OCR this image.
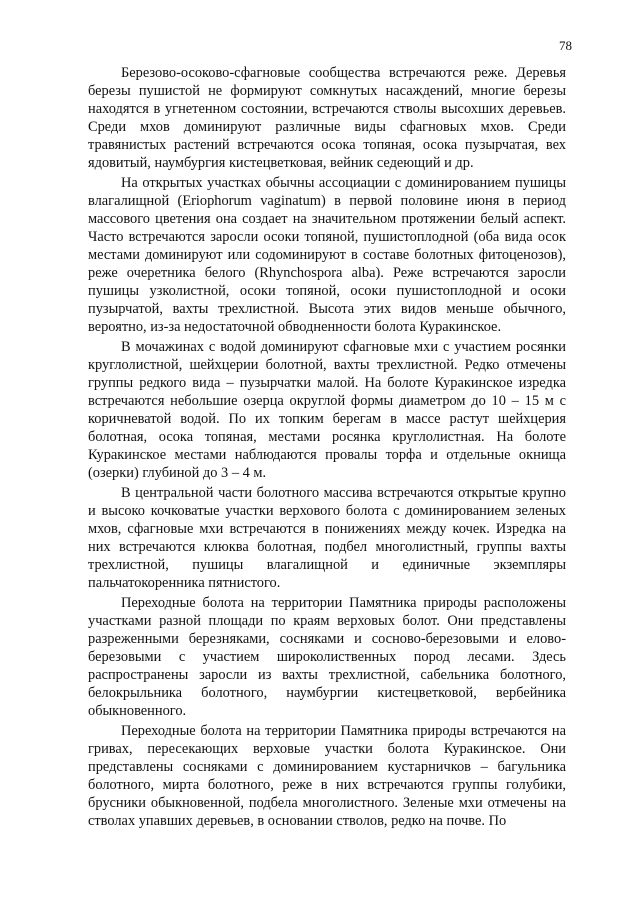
78

Березово-осоково-сфагновые сообщества встречаются реже. Деревья березы пушистой не формируют сомкнутых насаждений, многие березы находятся в угнетенном состоянии, встречаются стволы высохших деревьев. Среди мхов доминируют различные виды сфагновых мхов. Среди травянистых растений встречаются осока топяная, осока пузырчатая, вех ядовитый, наумбургия кистецветковая, вейник седеющий и др.

На открытых участках обычны ассоциации с доминированием пушицы влагалищной (Eriophorum vaginatum) в первой половине июня в период массового цветения она создает на значительном протяжении белый аспект. Часто встречаются заросли осоки топяной, пушистоплодной (оба вида осок местами доминируют или содоминируют в составе болотных фитоценозов), реже очеретника белого (Rhynchospora alba). Реже встречаются заросли пушицы узколистной, осоки топяной, осоки пушистоплодной и осоки пузырчатой, вахты трехлистной. Высота этих видов меньше обычного, вероятно, из-за недостаточной обводненности болота Куракинское.

В мочажинах с водой доминируют сфагновые мхи с участием росянки круглолистной, шейхцерии болотной, вахты трехлистной. Редко отмечены группы редкого вида – пузырчатки малой. На болоте Куракинское изредка встречаются небольшие озерца округлой формы диаметром до 10 – 15 м с коричневатой водой. По их топким берегам в массе растут шейхцерия болотная, осока топяная, местами росянка круглолистная. На болоте Куракинское местами наблюдаются провалы торфа и отдельные окнища (озерки) глубиной до 3 – 4 м.

В центральной части болотного массива встречаются открытые крупно и высоко кочковатые участки верхового болота с доминированием зеленых мхов, сфагновые мхи встречаются в понижениях между кочек. Изредка на них встречаются клюква болотная, подбел многолистный, группы вахты трехлистной, пушицы влагалищной и единичные экземпляры пальчатокоренника пятнистого.

Переходные болота на территории Памятника природы расположены участками разной площади по краям верховых болот. Они представлены разреженными березняками, сосняками и сосново-березовыми и елово-березовыми с участием широколиственных пород лесами. Здесь распространены заросли из вахты трехлистной, сабельника болотного, белокрыльника болотного, наумбургии кистецветковой, вербейника обыкновенного.

Переходные болота на территории Памятника природы встречаются на гривах, пересекающих верховые участки болота Куракинское. Они представлены сосняками с доминированием кустарничков – багульника болотного, мирта болотного, реже в них встречаются группы голубики, брусники обыкновенной, подбела многолистного. Зеленые мхи отмечены на стволах упавших деревьев, в основании стволов, редко на почве. По
